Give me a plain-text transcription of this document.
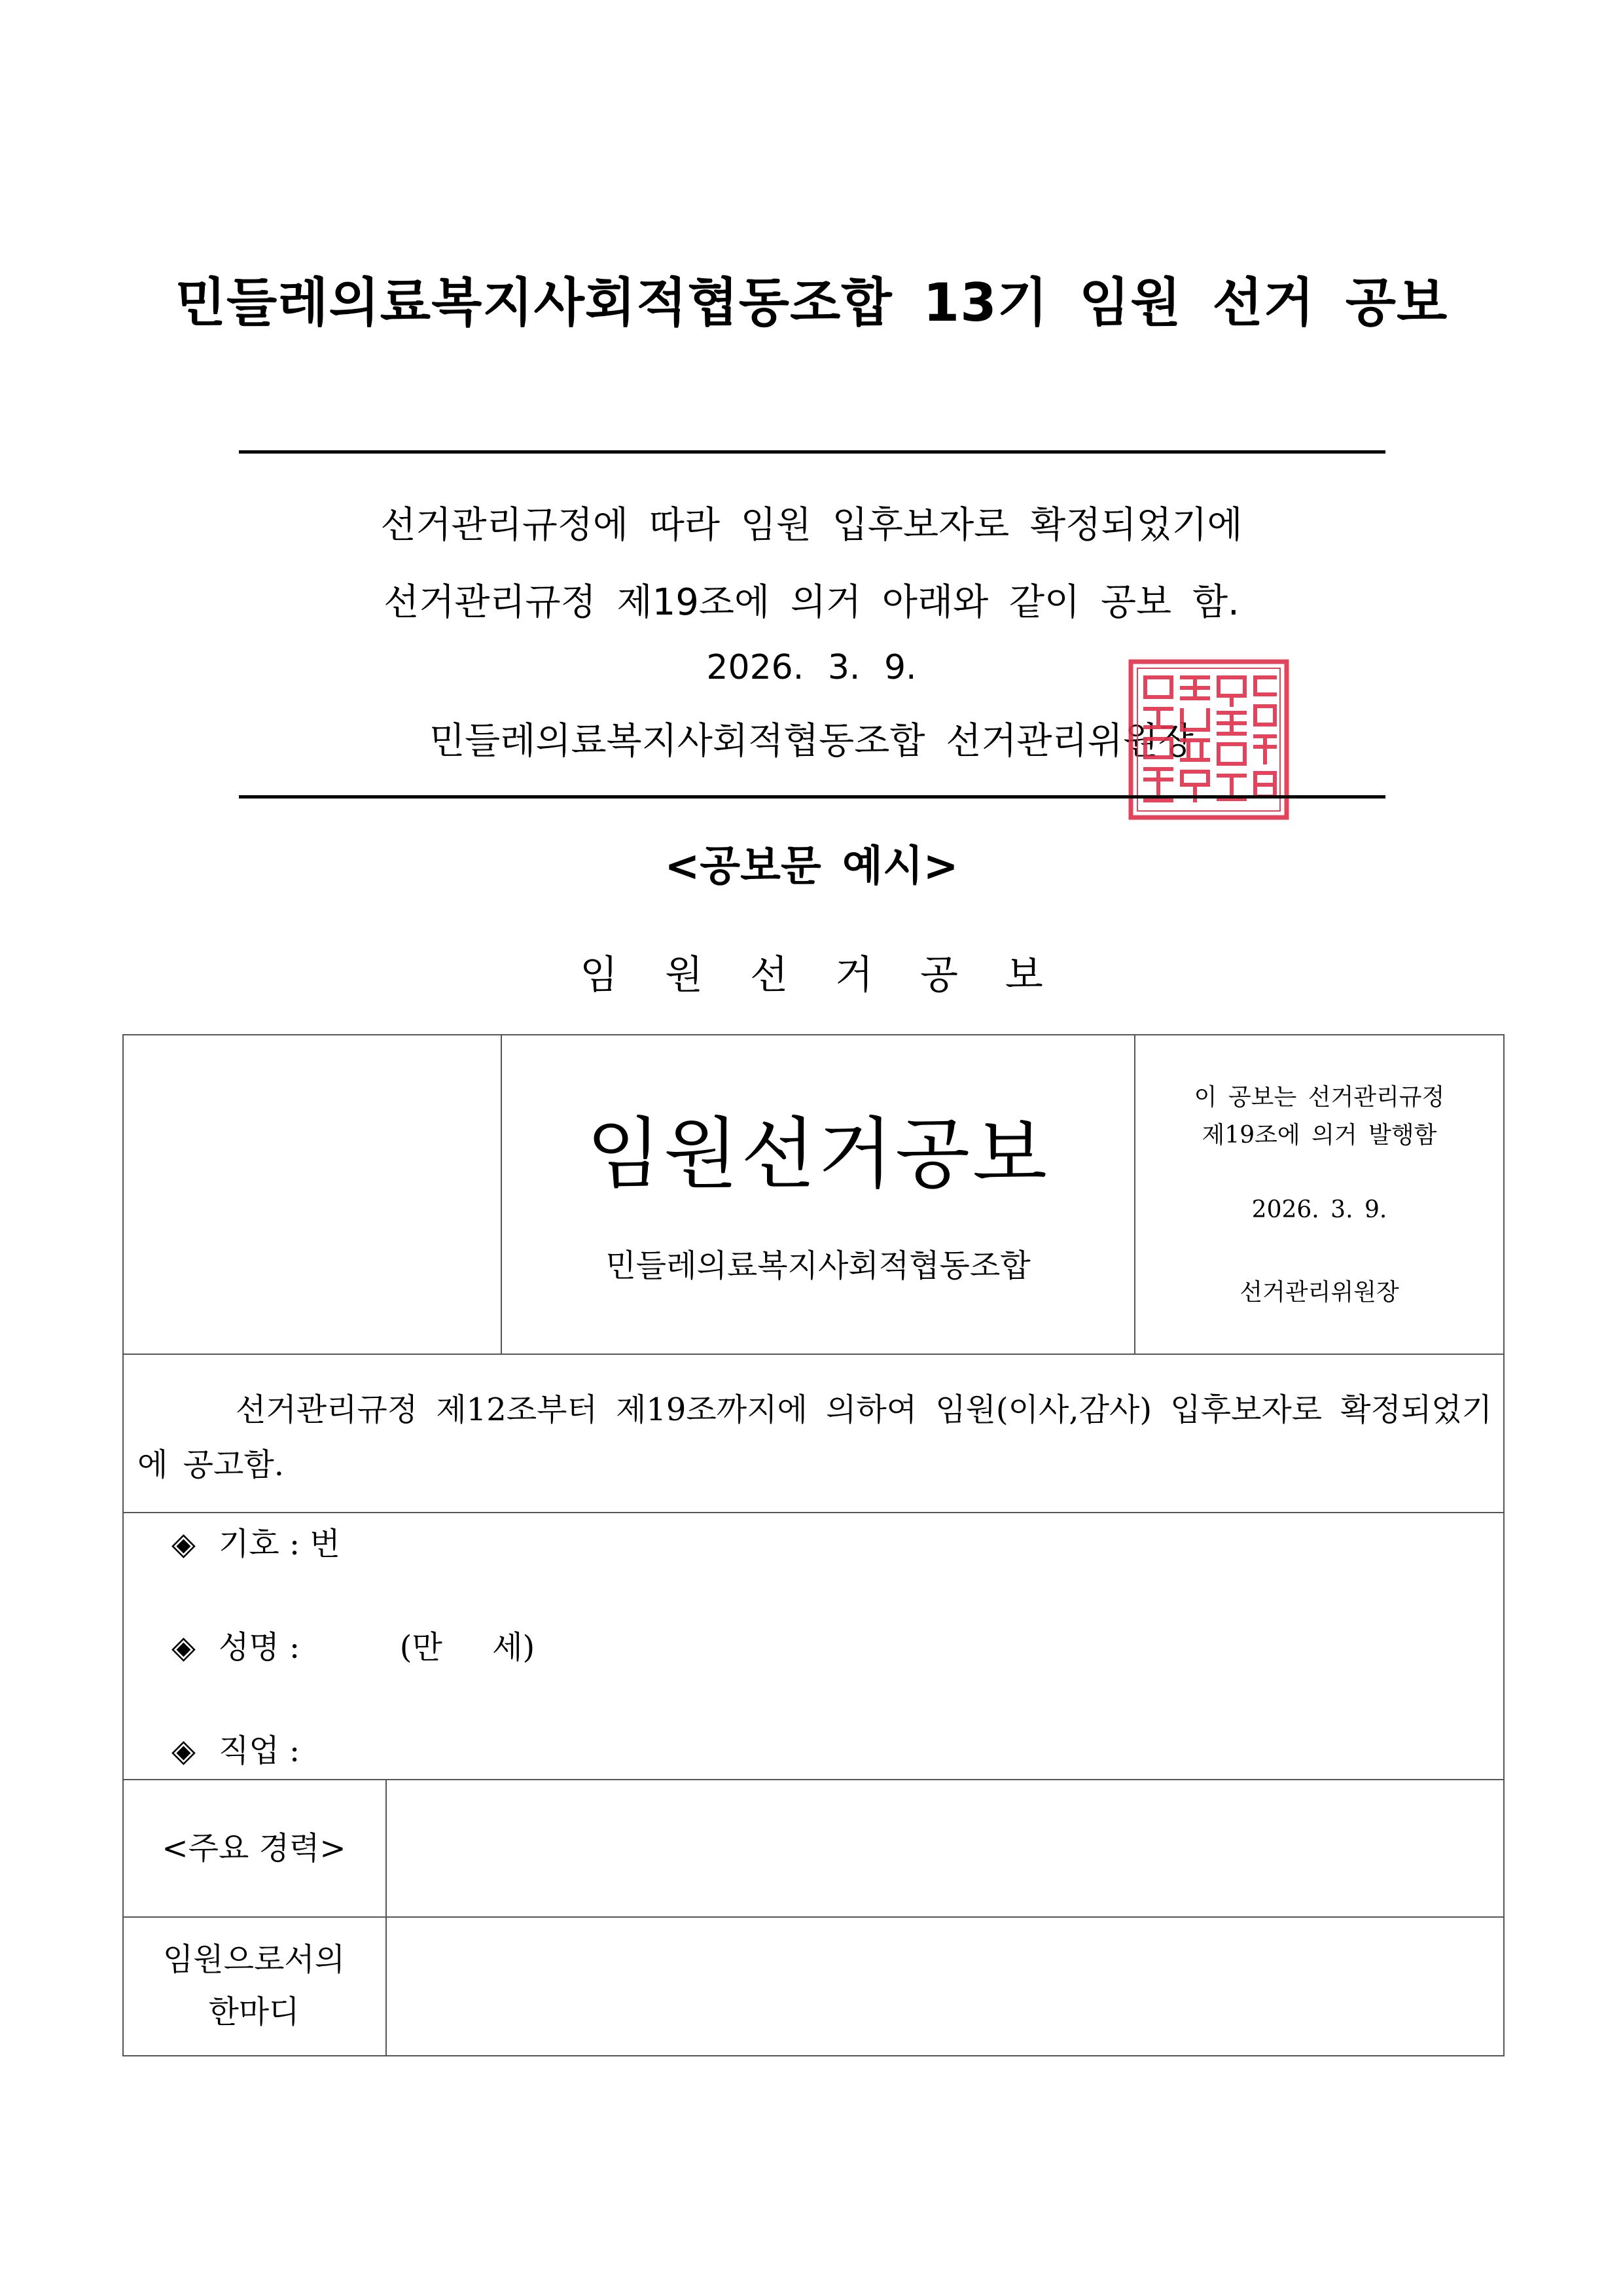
민들레의료복지사회적협동조합 13기 임원 선거 공보
선거관리규정에 따라 임원 입후보자로 확정되었기에
선거관리규정 제19조에 의거 아래와 같이 공보 함.
2026. 3. 9.
민들레의료복지사회적협동조합 선거관리위원장
<공보문 예시>
임원선거공보
임원선거공보
민들레의료복지사회적협동조합
이 공보는 선거관리규정
제19조에 의거 발행함
2026. 3. 9.
선거관리위원장
선거관리규정 제12조부터 제19조까지에 의하여 임원(이사,감사) 입후보자로 확정되었기에 공고함.
◈ 기호 : 번
◈ 성명 :          (만     세)
◈ 직업 :
<주요 경력>
임원으로서의
한마디
